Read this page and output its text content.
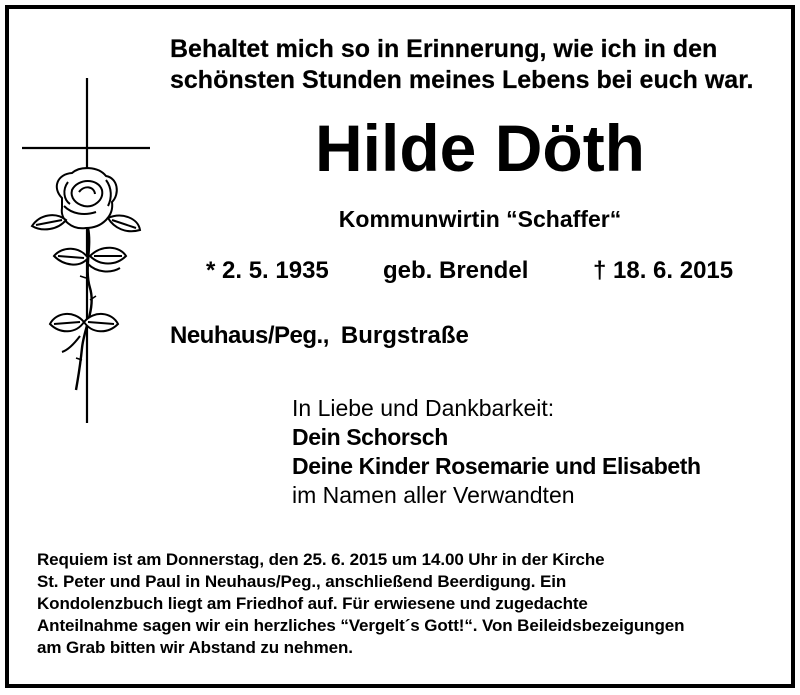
Behaltet mich so in Erinnerung, wie ich in den
schönsten Stunden meines Lebens bei euch war.
Hilde Döth
Kommunwirtin “Schaffer“
* 2. 5. 1935 geb. Brendel	† 18. 6. 2015
Neuhaus/Peg., Burgstraße
In Liebe und Dankbarkeit:
Dein Schorsch
Deine Kinder Rosemarie und Elisabeth
im Namen aller Verwandten
Requiem ist am Donnerstag, den 25. 6. 2015 um 14.00 Uhr in der Kirche
St. Peter und Paul in Neuhaus/Peg., anschließend Beerdigung. Ein
Kondolenzbuch liegt am Friedhof auf. Für erwiesene und zugedachte
Anteilnahme sagen wir ein herzliches “Vergelt´s Gott!“. Von Beileidsbezeigungen
am Grab bitten wir Abstand zu nehmen.
